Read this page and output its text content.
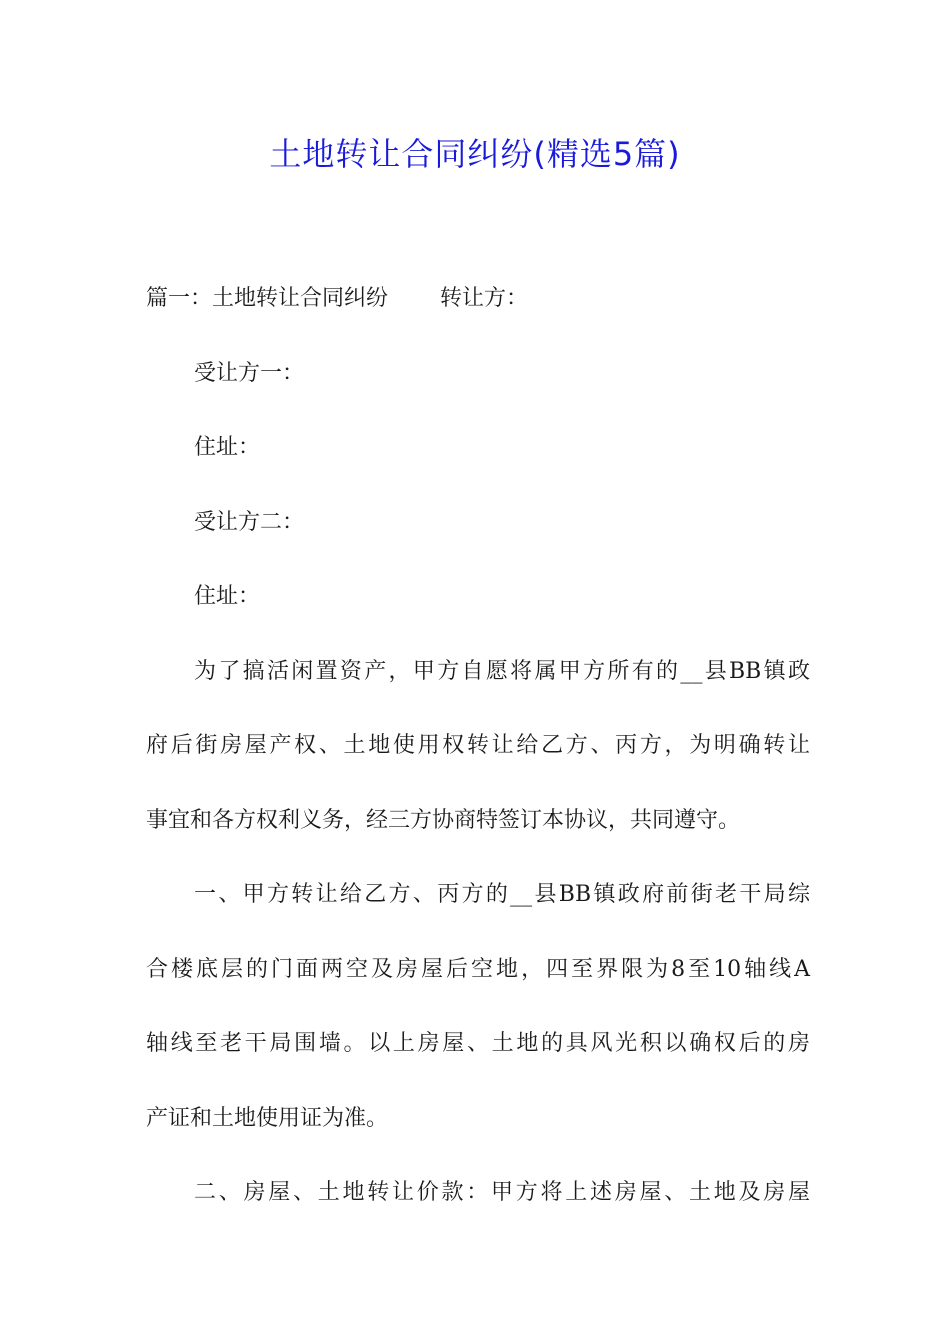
土地转让合同纠纷(精选5篇)
篇一：土地转让合同纠纷 转让方：
受让方一：
住址：
受让方二：
住址：
为了搞活闲置资产，甲方自愿将属甲方所有的__县BB镇政
府后街房屋产权、土地使用权转让给乙方、丙方，为明确转让
事宜和各方权利义务，经三方协商特签订本协议，共同遵守。
一、甲方转让给乙方、丙方的__县BB镇政府前街老干局综
合楼底层的门面两空及房屋后空地，四至界限为8至10轴线A
轴线至老干局围墙。以上房屋、土地的具风光积以确权后的房
产证和土地使用证为准。
二、房屋、土地转让价款：甲方将上述房屋、土地及房屋
